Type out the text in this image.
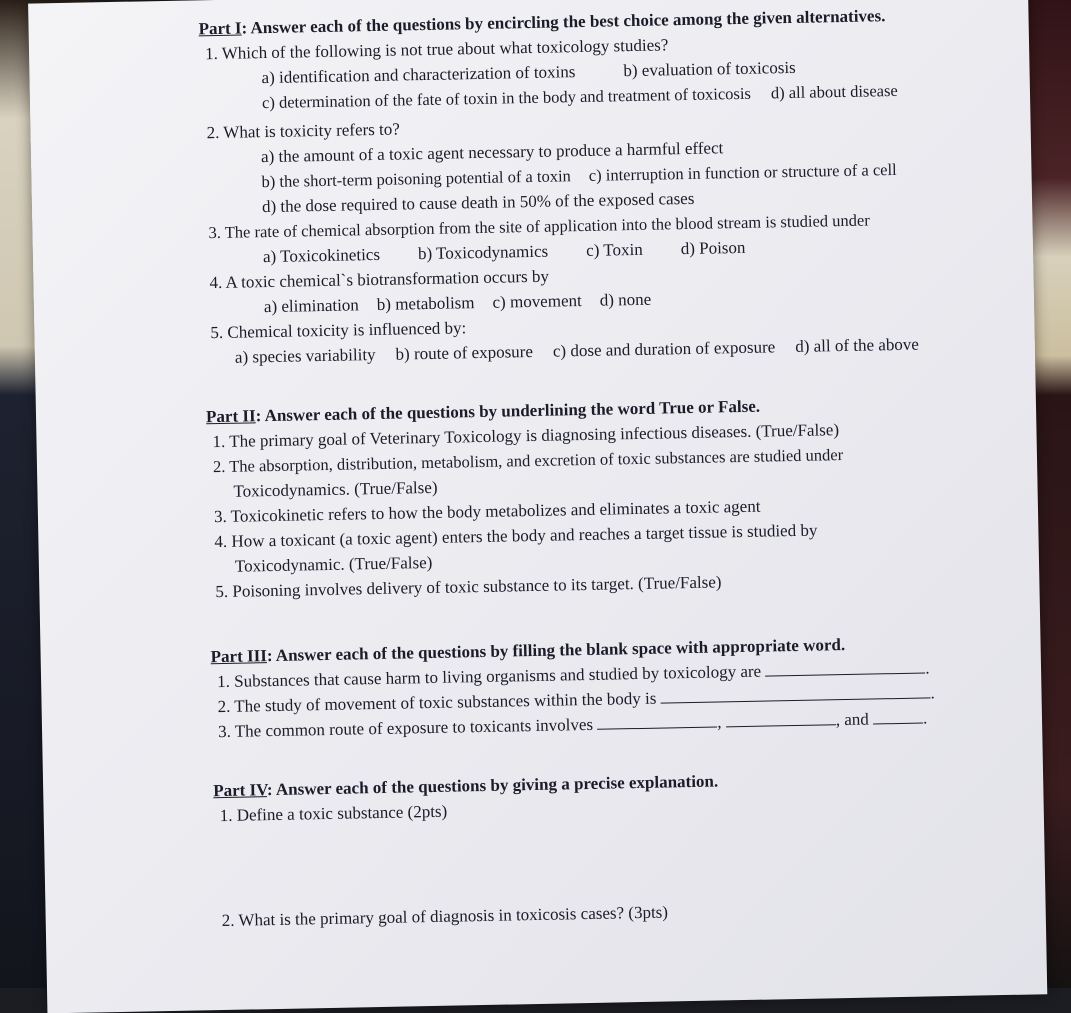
Part I: Answer each of the questions by encircling the best choice among the given alternatives.

1. Which of the following is not true about what toxicology studies?

a) identification and characterization of toxins	b) evaluation of toxicosis
c) determination of the fate of toxin in the body and treatment of toxicosis d) all about disease

2. What is toxicity refers to?

a) the amount of a toxic agent necessary to produce a harmful effect
b) the short-term poisoning potential of a toxin c) interruption in function or structure of a cell
d) the dose required to cause death in 50% of the exposed cases

3. The rate of chemical absorption from the site of application into the blood stream is studied under

a) Toxicokinetics b) Toxicodynamics c) Toxin d) Poison

4. A toxic chemical`s biotransformation occurs by

a) elimination b) metabolism c) movement d) none

5. Chemical toxicity is influenced by:

a) species variability b) route of exposure c) dose and duration of exposure d) all of the above

Part II: Answer each of the questions by underlining the word True or False.

1. The primary goal of Veterinary Toxicology is diagnosing infectious diseases. (True/False)

2. The absorption, distribution, metabolism, and excretion of toxic substances are studied under

Toxicodynamics. (True/False)

3. Toxicokinetic refers to how the body metabolizes and eliminates a toxic agent

4. How a toxicant (a toxic agent) enters the body and reaches a target tissue is studied by

Toxicodynamic. (True/False)

5. Poisoning involves delivery of toxic substance to its target. (True/False)

Part III: Answer each of the questions by filling the blank space with appropriate word.

1. Substances that cause harm to living organisms and studied by toxicology are	.

2. The study of movement of toxic substances within the body is	.

3. The common route of exposure to toxicants involves	,	, and	.

Part IV: Answer each of the questions by giving a precise explanation.

1. Define a toxic substance (2pts)

2. What is the primary goal of diagnosis in toxicosis cases? (3pts)
